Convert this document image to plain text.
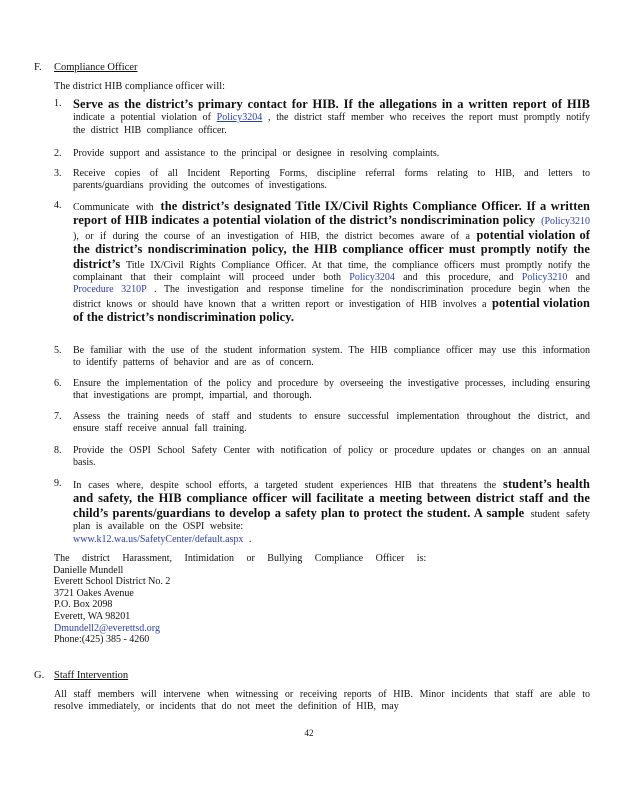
F. Compliance Officer
The district HIB compliance officer will:
1. Serve as the district’s primary contact for HIB. If the allegations in a written report of HIB indicate a potential violation of Policy3204 , the district staff member who receives the report must promptly notify the district HIB compliance officer.
2. Provide support and assistance to the principal or designee in resolving complaints.
3. Receive copies of all Incident Reporting Forms, discipline referral forms relating to HIB, and letters to parents/guardians providing the outcomes of investigations.
4. Communicate with the district’s designated Title IX/Civil Rights Compliance Officer. If a written report of HIB indicates a potential violation of the district’s nondiscrimination policy (Policy3210 ), or if during the course of an investigation of HIB, the district becomes aware of a potential violation of the district’s nondiscrimination policy, the HIB compliance officer must promptly notify the district’s Title IX/Civil Rights Compliance Officer. At that time, the compliance officers must promptly notify the complainant that their complaint will proceed under both Policy3204 and this procedure, and Policy3210 and Procedure 3210P . The investigation and response timeline for the nondiscrimination procedure begin when the district knows or should have known that a written report or investigation of HIB involves a potential violation of the district’s nondiscrimination policy.
5. Be familiar with the use of the student information system. The HIB compliance officer may use this information to identify patterns of behavior and are as of concern.
6. Ensure the implementation of the policy and procedure by overseeing the investigative processes, including ensuring that investigations are prompt, impartial, and thorough.
7. Assess the training needs of staff and students to ensure successful implementation throughout the district, and ensure staff receive annual fall training.
8. Provide the OSPI School Safety Center with notification of policy or procedure updates or changes on an annual basis.
9. In cases where, despite school efforts, a targeted student experiences HIB that threatens the student’s health and safety, the HIB compliance officer will facilitate a meeting between district staff and the child’s parents/guardians to develop a safety plan to protect the student. A sample student safety plan is available on the OSPI website:
www.k12.wa.us/SafetyCenter/default.aspx .
The district Harassment, Intimidation or Bullying Compliance Officer is:
Danielle Mundell
Everett School District No. 2
3721 Oakes Avenue
P.O. Box 2098
Everett, WA 98201
Dmundell2@everettsd.org
Phone:(425) 385 - 4260
G. Staff Intervention
All staff members will intervene when witnessing or receiving reports of HIB. Minor incidents that staff are able to resolve immediately, or incidents that do not meet the definition of HIB, may
42
